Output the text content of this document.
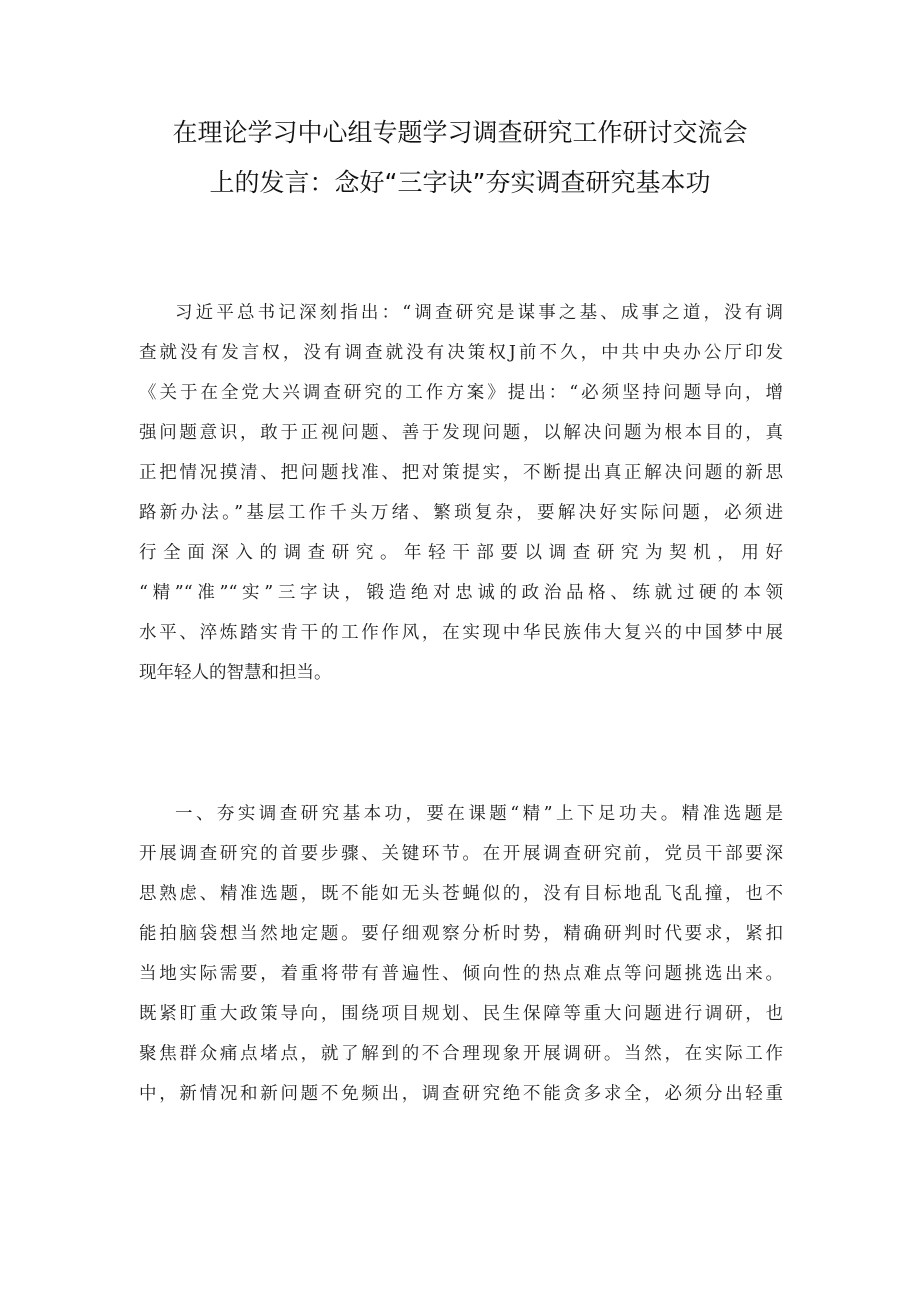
在理论学习中心组专题学习调查研究工作研讨交流会
上的发言：念好“三字诀”夯实调查研究基本功
习近平总书记深刻指出：“调查研究是谋事之基、成事之道，没有调
查就没有发言权，没有调查就没有决策权J前不久，中共中央办公厅印发
《关于在全党大兴调查研究的工作方案》提出：“必须坚持问题导向，增
强问题意识，敢于正视问题、善于发现问题，以解决问题为根本目的，真
正把情况摸清、把问题找准、把对策提实，不断提出真正解决问题的新思
路新办法。”基层工作千头万绪、繁琐复杂，要解决好实际问题，必须进
行全面深入的调查研究。年轻干部要以调查研究为契机，用好
“精”“准”“实”三字诀，锻造绝对忠诚的政治品格、练就过硬的本领
水平、淬炼踏实肯干的工作作风，在实现中华民族伟大复兴的中国梦中展
现年轻人的智慧和担当。
一、夯实调查研究基本功，要在课题“精”上下足功夫。精准选题是
开展调查研究的首要步骤、关键环节。在开展调查研究前，党员干部要深
思熟虑、精准选题，既不能如无头苍蝇似的，没有目标地乱飞乱撞，也不
能拍脑袋想当然地定题。要仔细观察分析时势，精确研判时代要求，紧扣
当地实际需要，着重将带有普遍性、倾向性的热点难点等问题挑选出来。
既紧盯重大政策导向，围绕项目规划、民生保障等重大问题进行调研，也
聚焦群众痛点堵点，就了解到的不合理现象开展调研。当然，在实际工作
中，新情况和新问题不免频出，调查研究绝不能贪多求全，必须分出轻重
